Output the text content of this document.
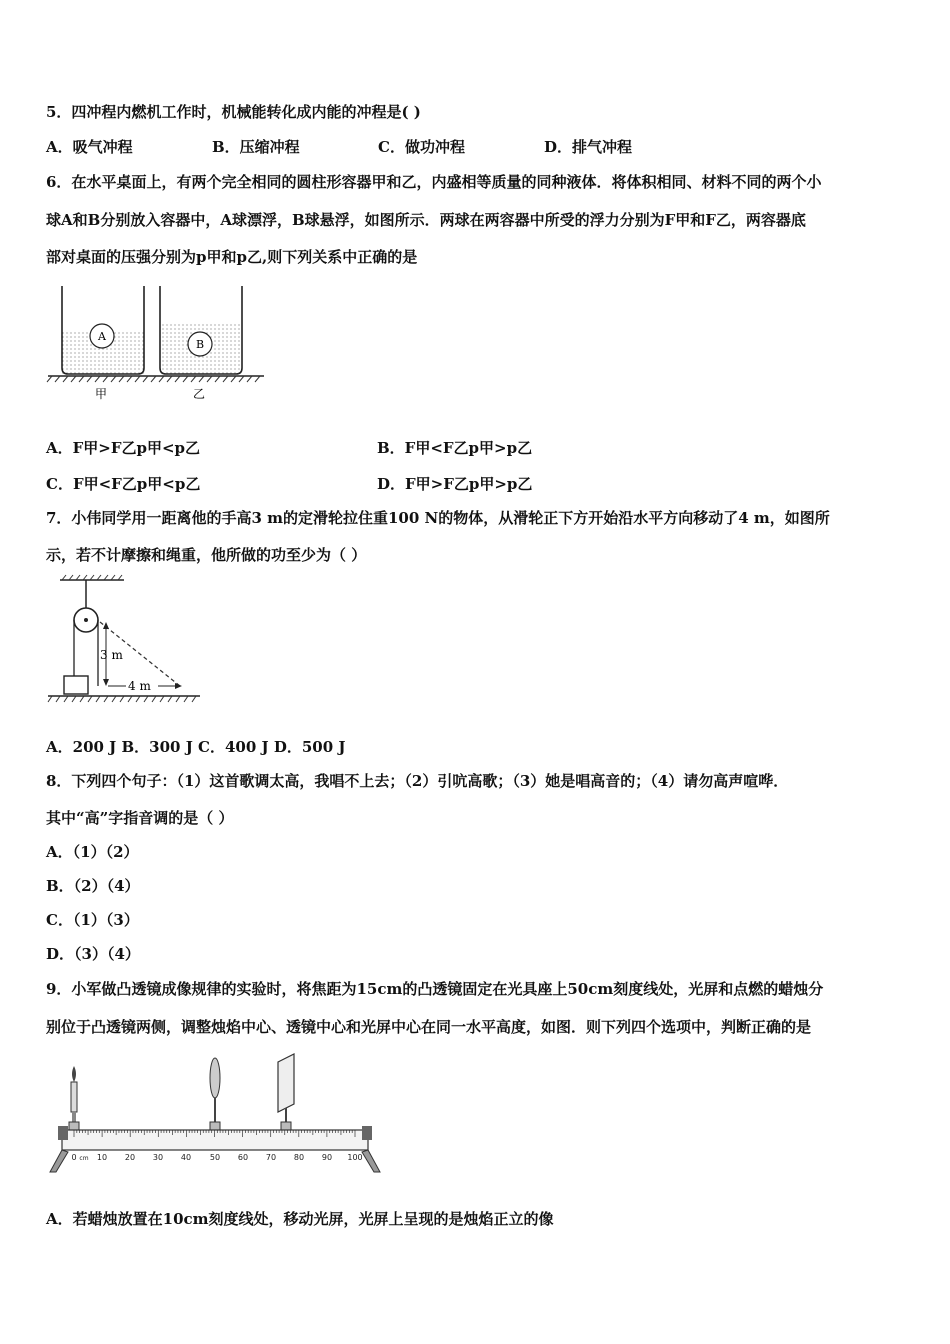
5．四冲程内燃机工作时，机械能转化成内能的冲程是( )
A．吸气冲程	B．压缩冲程	C．做功冲程	D．排气冲程
6．在水平桌面上，有两个完全相同的圆柱形容器甲和乙，内盛相等质量的同种液体．将体积相同、材料不同的两个小
球A和B分别放入容器中，A球漂浮，B球悬浮，如图所示．两球在两容器中所受的浮力分别为F甲和F乙，两容器底
部对桌面的压强分别为p甲和p乙,则下列关系中正确的是
A
B
甲	乙
A．F甲>F乙p甲<p乙	B．F甲<F乙p甲>p乙
C．F甲<F乙p甲<p乙	D．F甲>F乙p甲>p乙
7．小伟同学用一距离他的手高3 m的定滑轮拉住重100 N的物体，从滑轮正下方开始沿水平方向移动了4 m，如图所
示，若不计摩擦和绳重，他所做的功至少为（ ）
3 m
4 m
A．200 J B．300 J C．400 J D．500 J
8．下列四个句子：（1）这首歌调太高，我唱不上去；（2）引吭高歌；（3）她是唱高音的；（4）请勿高声喧哗．
其中“高”字指音调的是（ ）
A．（1）（2）
B．（2）（4）
C．（1）（3）
D．（3）（4）
9．小军做凸透镜成像规律的实验时，将焦距为15cm的凸透镜固定在光具座上50cm刻度线处，光屏和点燃的蜡烛分
别位于凸透镜两侧，调整烛焰中心、透镜中心和光屏中心在同一水平高度，如图．则下列四个选项中，判断正确的是
0	10 20 30 40 50 60 70 80 90 100
cm
A．若蜡烛放置在10cm刻度线处，移动光屏，光屏上呈现的是烛焰正立的像
